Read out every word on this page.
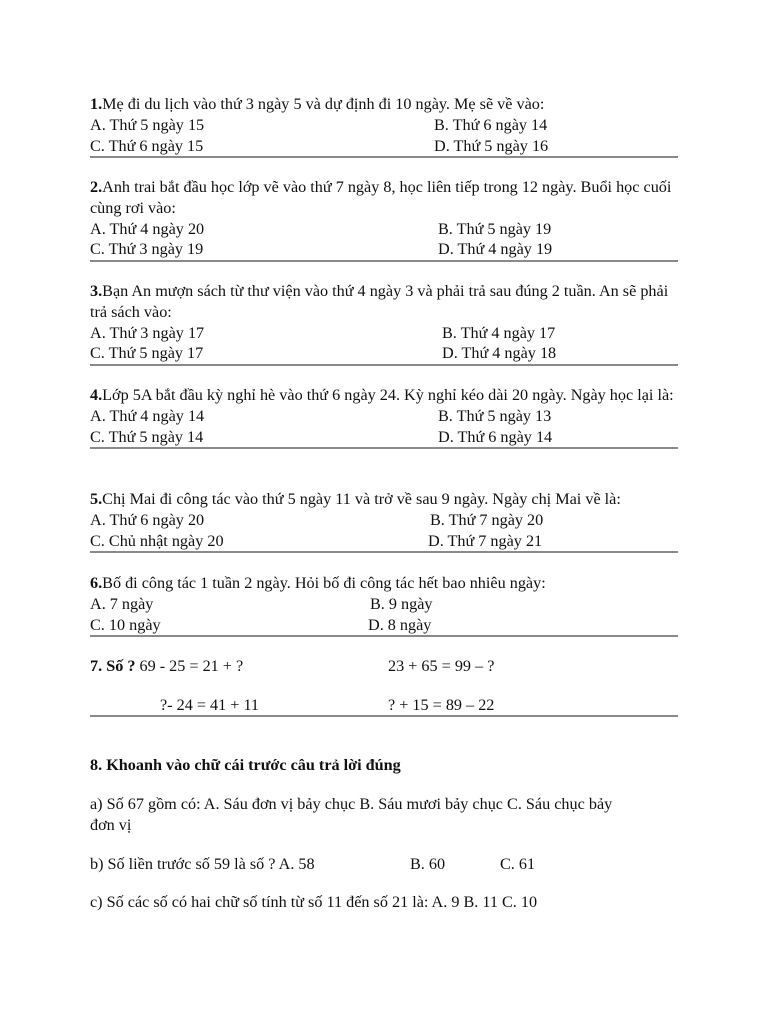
1.Mẹ đi du lịch vào thứ 3 ngày 5 và dự định đi 10 ngày. Mẹ sẽ về vào:
A. Thứ 5 ngày 15	B. Thứ 6 ngày 14
C. Thứ 6 ngày 15	D. Thứ 5 ngày 16
2.Anh trai bắt đầu học lớp vẽ vào thứ 7 ngày 8, học liên tiếp trong 12 ngày. Buổi học cuối cùng rơi vào:
A. Thứ 4 ngày 20	B. Thứ 5 ngày 19
C. Thứ 3 ngày 19	D. Thứ 4 ngày 19
3.Bạn An mượn sách từ thư viện vào thứ 4 ngày 3 và phải trả sau đúng 2 tuần. An sẽ phải trả sách vào:
A. Thứ 3 ngày 17	B. Thứ 4 ngày 17
C. Thứ 5 ngày 17	D. Thứ 4 ngày 18
4.Lớp 5A bắt đầu kỳ nghỉ hè vào thứ 6 ngày 24. Kỳ nghỉ kéo dài 20 ngày. Ngày học lại là:
A. Thứ 4 ngày 14	B. Thứ 5 ngày 13
C. Thứ 5 ngày 14	D. Thứ 6 ngày 14
5.Chị Mai đi công tác vào thứ 5 ngày 11 và trở về sau 9 ngày. Ngày chị Mai về là:
A. Thứ 6 ngày 20	B. Thứ 7 ngày 20
C. Chủ nhật ngày 20	D. Thứ 7 ngày 21
6.Bố đi công tác 1 tuần 2 ngày. Hỏi bố đi công tác hết bao nhiêu ngày:
A. 7 ngày	B. 9 ngày
C. 10 ngày	D. 8 ngày
7. Số ? 69 - 25 = 21 + ?	23 + 65 = 99 – ?
?- 24 = 41 + 11	? + 15 = 89 – 22
8. Khoanh vào chữ cái trước câu trả lời đúng
a) Số 67 gồm có: A. Sáu đơn vị bảy chục B. Sáu mươi bảy chục C. Sáu chục bảy
đơn vị
b) Số liền trước số 59 là số ? A. 58	B. 60	C. 61
c) Số các số có hai chữ số tính từ số 11 đến số 21 là: A. 9 B. 11 C. 10
